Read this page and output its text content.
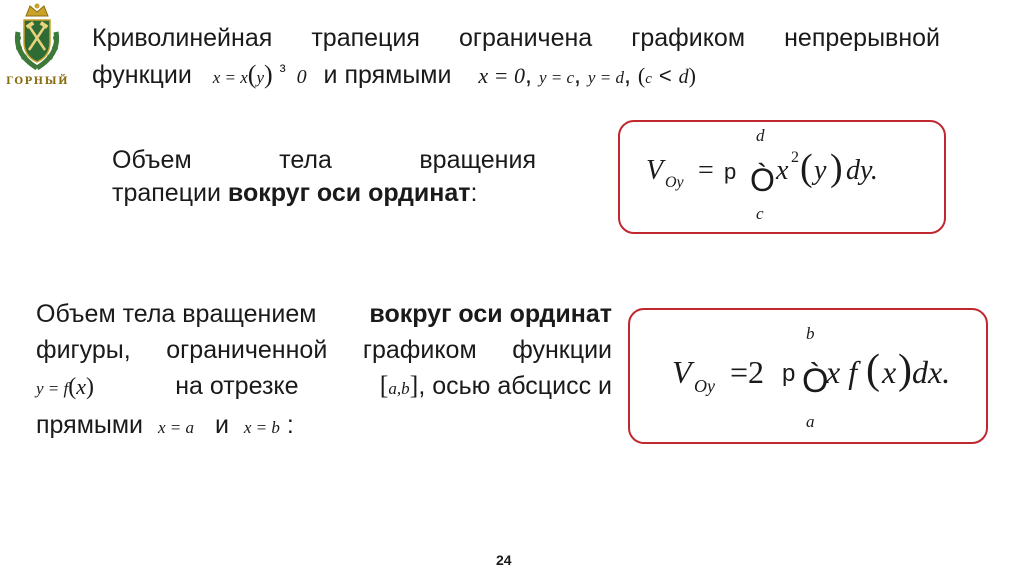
ГОРНЫЙ
Криволинейная трапеция ограничена графиком непрерывной
функции x = x(y) $^{^3}$ 0 и прямыми x = 0, y = c, y = d, (c < d)
Объем	тела	вращения
трапеции вокруг оси ординат:
V Oy = p
d
Ò
c
x 2 ( y ) dy.
Объем тела вращением вокруг оси ординат
фигуры, ограниченной графиком функции
y = f(x)	на отрезке	[a,b], осью абсцисс и
прямыми x = a и x = b :
V Oy =2 p
b
Ò
a
x f ( x ) dx.
24
